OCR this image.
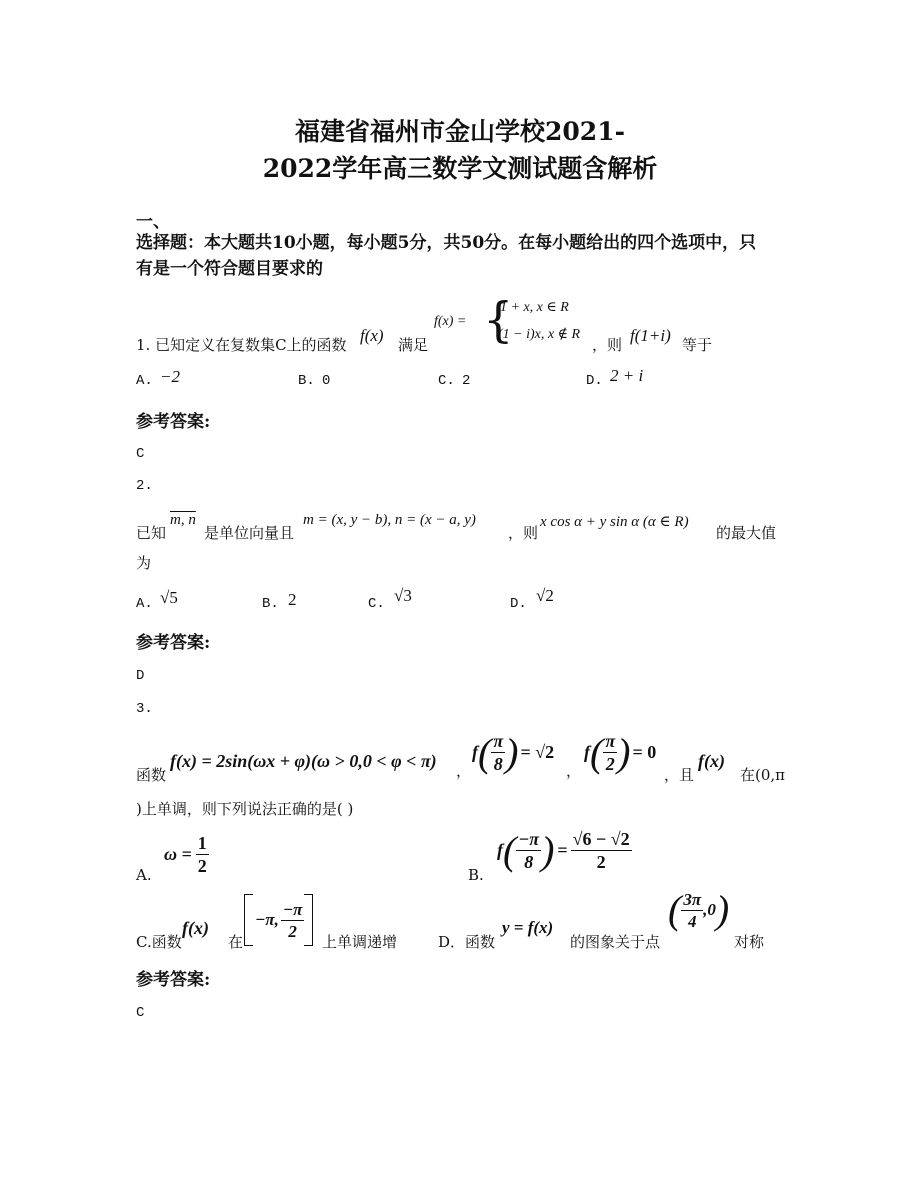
福建省福州市金山学校2021-
2022学年高三数学文测试题含解析
一、
选择题：本大题共10小题，每小题5分，共50分。在每小题给出的四个选项中，只
有是一个符合题目要求的
1. 已知定义在复数集C上的函数 f(x) 满足
f(x) = {
1 + x, x ∈ R
(1 − i)x, x ∉ R
，则 f(1+i) 等于
A. −2	B. 0	C. 2	D. 2 + i
参考答案:
C
2.
已知
m, n
是单位向量且
m = (x, y − b), n = (x − a, y)
，则
x cos α + y sin α (α ∈ R)
的最大值
为
A. √5	B. 2	C. √3	D. √2
参考答案:
D
3.
函数
f(x) = 2sin(ωx + φ)(ω > 0,0 < φ < π) ，
f ( $\frac{\pi}{8}$ ) = √2
，
f ( $\frac{\pi}{2}$ ) = 0
，且
f(x)
在(0,π
)上单调，则下列说法正确的是( )
A.
$\omega = \frac{1}{2}$	B.
f ( $\frac{-\pi}{8}$ ) = $\frac{√6 - √2}{2}$
C.函数
f(x)
在
−π, $\frac{-\pi}{2}$
上单调递增	D．函数
y = f(x)
的图象关于点
( $\frac{3\pi}{4} ,0$ )
对称
参考答案:
C
